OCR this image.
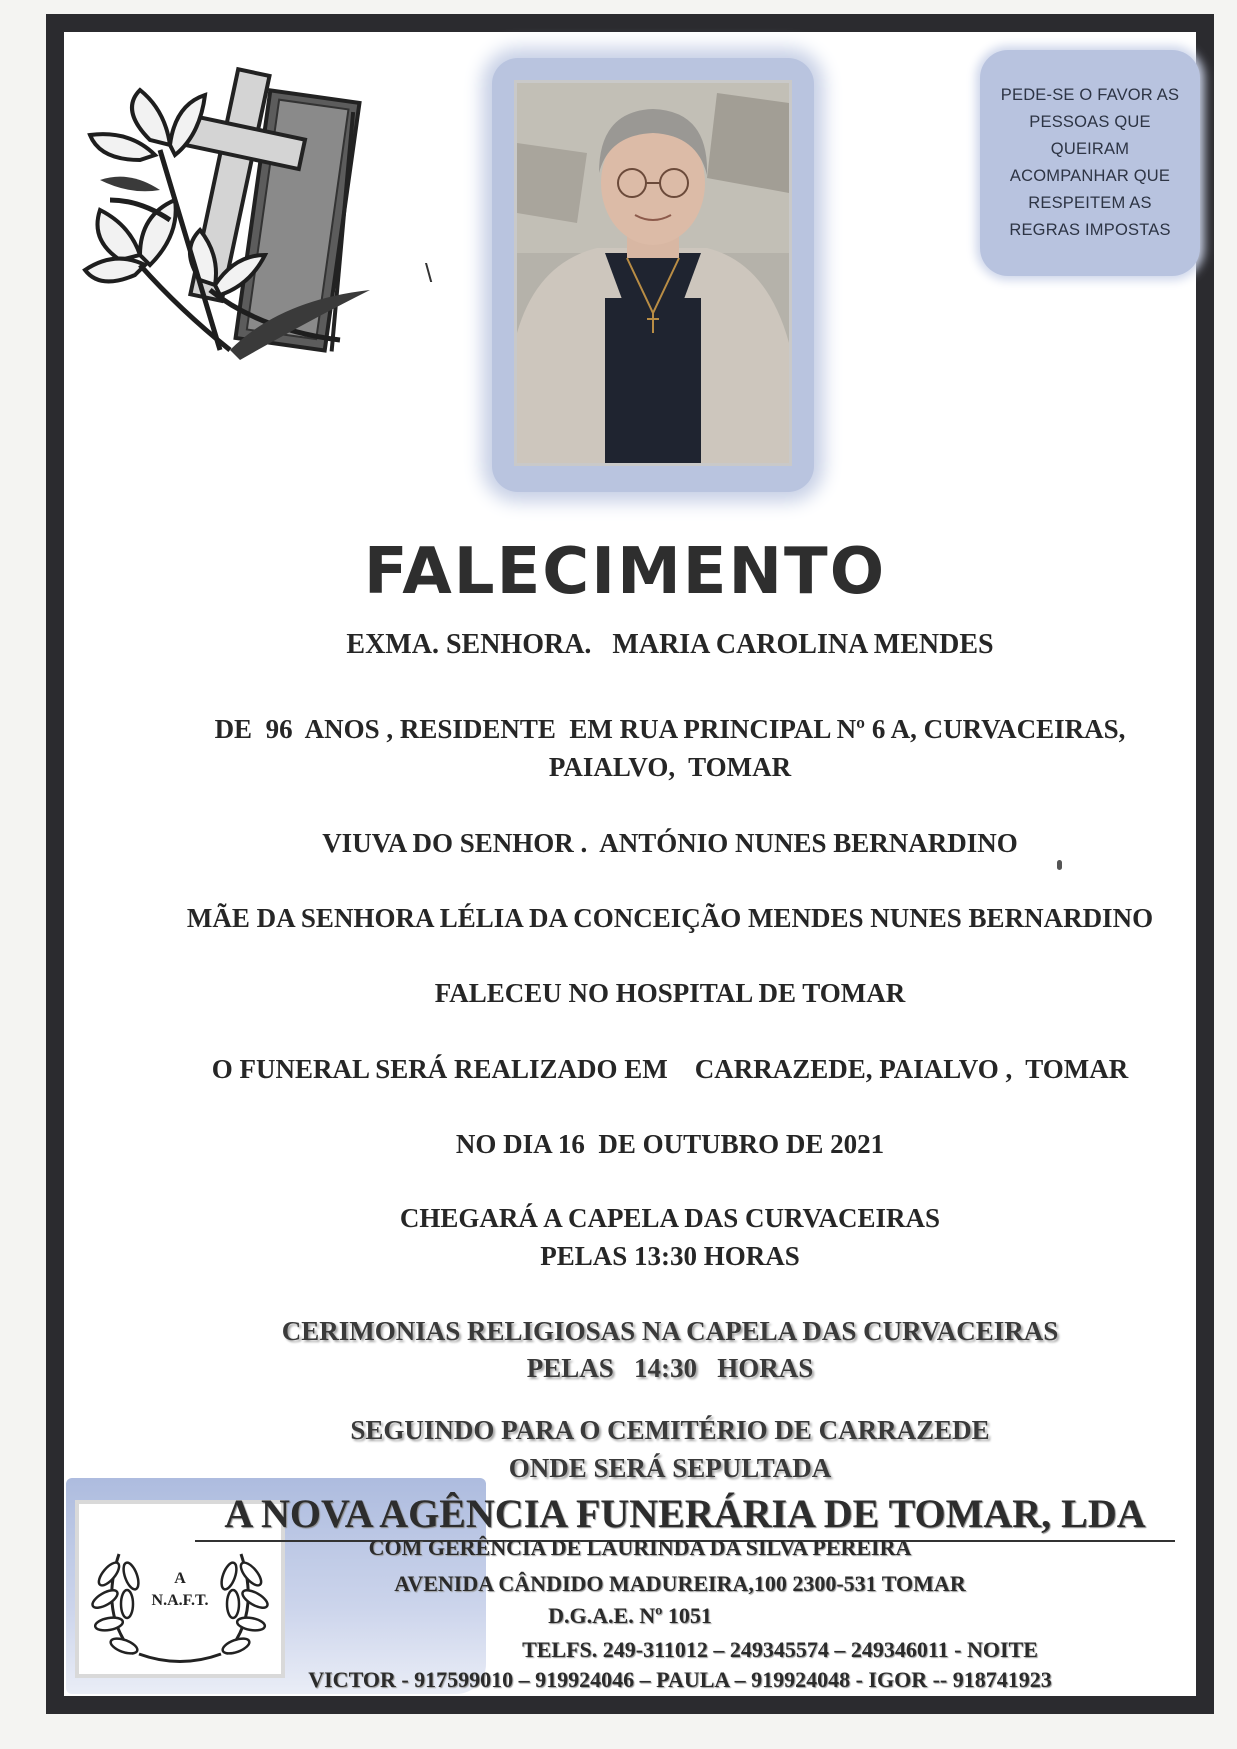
\
PEDE-SE O FAVOR AS
PESSOAS QUE
QUEIRAM
ACOMPANHAR QUE
RESPEITEM AS
REGRAS IMPOSTAS
FALECIMENTO
EXMA. SENHORA.   MARIA CAROLINA MENDES
DE  96  ANOS , RESIDENTE  EM RUA PRINCIPAL Nº 6 A, CURVACEIRAS,
PAIALVO,  TOMAR
VIUVA DO SENHOR .  ANTÓNIO NUNES BERNARDINO
MÃE DA SENHORA LÉLIA DA CONCEIÇÃO MENDES NUNES BERNARDINO
FALECEU NO HOSPITAL DE TOMAR
O FUNERAL SERÁ REALIZADO EM    CARRAZEDE, PAIALVO ,  TOMAR
NO DIA 16  DE OUTUBRO DE 2021
CHEGARÁ A CAPELA DAS CURVACEIRAS
PELAS 13:30 HORAS
CERIMONIAS RELIGIOSAS NA CAPELA DAS CURVACEIRAS
PELAS   14:30   HORAS
SEGUINDO PARA O CEMITÉRIO DE CARRAZEDE
ONDE SERÁ SEPULTADA
A
N.A.F.T.
A NOVA AGÊNCIA FUNERÁRIA DE TOMAR, LDA
COM GERÊNCIA DE LAURINDA DA SILVA PEREIRA
AVENIDA CÂNDIDO MADUREIRA,100 2300-531 TOMAR
D.G.A.E. Nº 1051
TELFS. 249-311012 – 249345574 – 249346011 - NOITE
VICTOR - 917599010 – 919924046 – PAULA – 919924048 - IGOR -- 918741923
